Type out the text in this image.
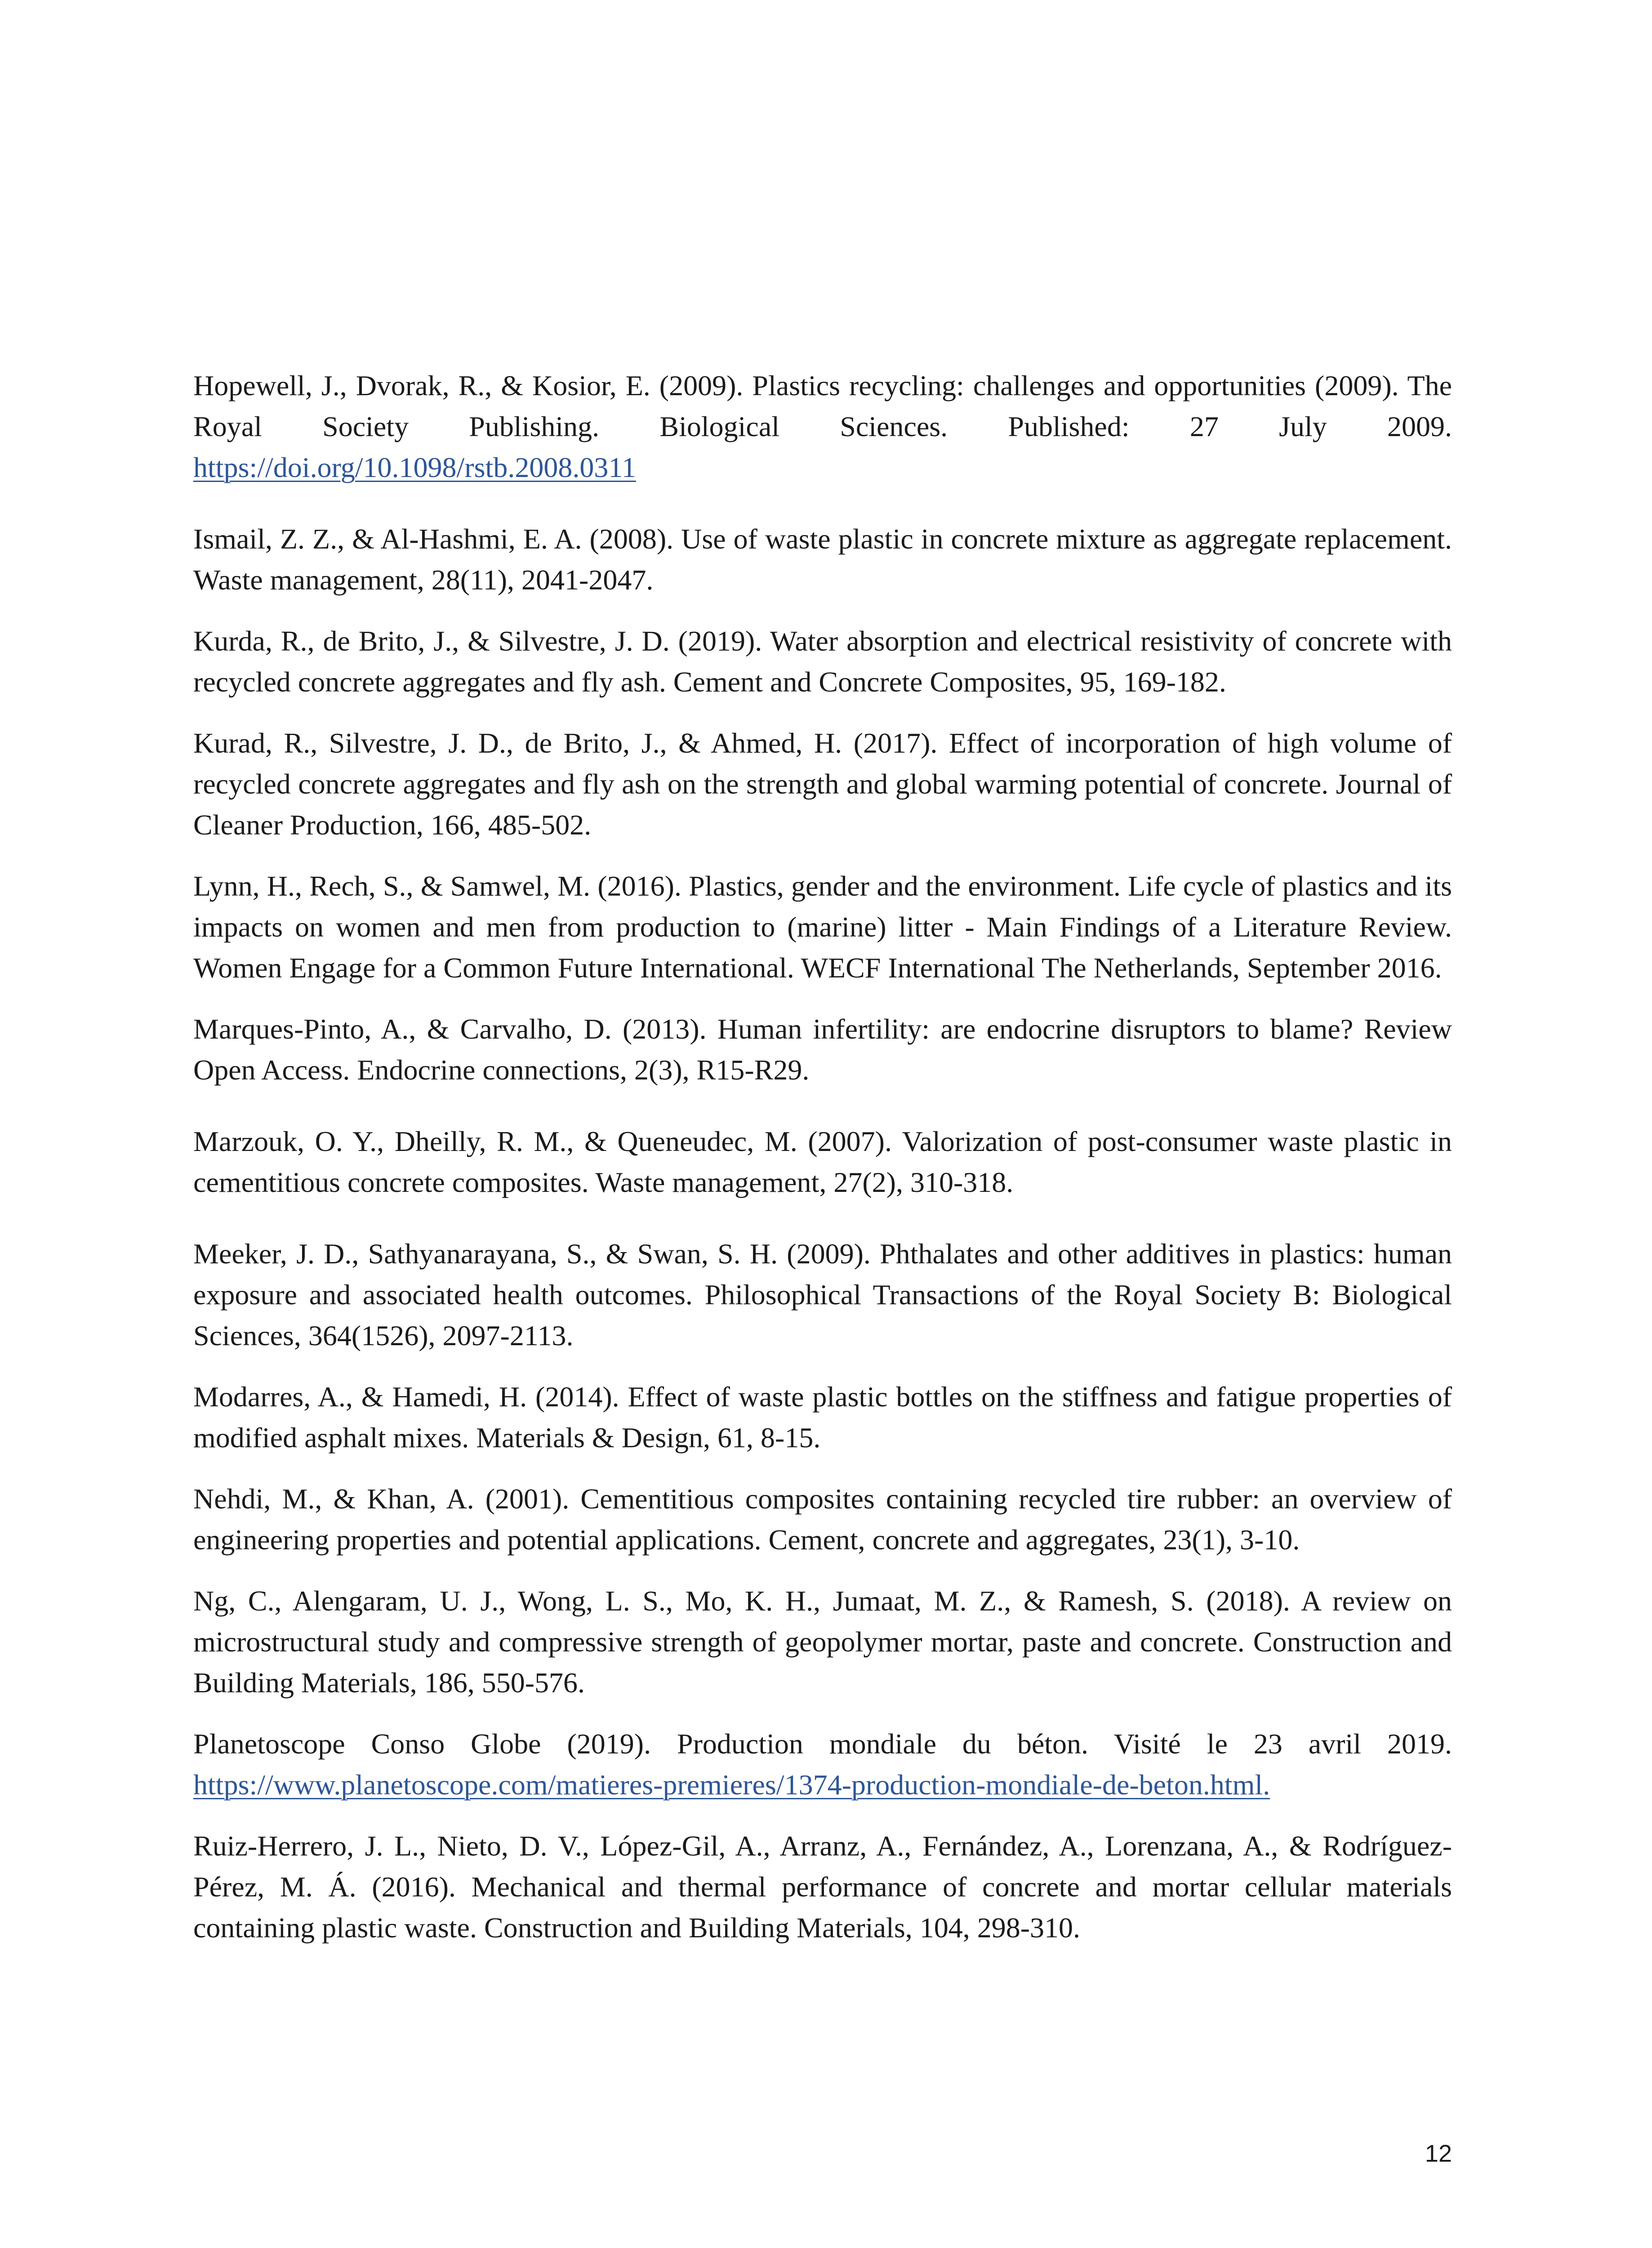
Hopewell, J., Dvorak, R., & Kosior, E. (2009). Plastics recycling: challenges and opportunities (2009). The Royal Society Publishing. Biological Sciences. Published: 27 July 2009. https://doi.org/10.1098/rstb.2008.0311

Ismail, Z. Z., & Al-Hashmi, E. A. (2008). Use of waste plastic in concrete mixture as aggregate replacement. Waste management, 28(11), 2041-2047.

Kurda, R., de Brito, J., & Silvestre, J. D. (2019). Water absorption and electrical resistivity of concrete with recycled concrete aggregates and fly ash. Cement and Concrete Composites, 95, 169-182.

Kurad, R., Silvestre, J. D., de Brito, J., & Ahmed, H. (2017). Effect of incorporation of high volume of recycled concrete aggregates and fly ash on the strength and global warming potential of concrete. Journal of Cleaner Production, 166, 485-502.

Lynn, H., Rech, S., & Samwel, M. (2016). Plastics, gender and the environment. Life cycle of plastics and its impacts on women and men from production to (marine) litter - Main Findings of a Literature Review. Women Engage for a Common Future International. WECF International The Netherlands, September 2016.

Marques-Pinto, A., & Carvalho, D. (2013). Human infertility: are endocrine disruptors to blame? Review Open Access. Endocrine connections, 2(3), R15-R29.

Marzouk, O. Y., Dheilly, R. M., & Queneudec, M. (2007). Valorization of post-consumer waste plastic in cementitious concrete composites. Waste management, 27(2), 310-318.

Meeker, J. D., Sathyanarayana, S., & Swan, S. H. (2009). Phthalates and other additives in plastics: human exposure and associated health outcomes. Philosophical Transactions of the Royal Society B: Biological Sciences, 364(1526), 2097-2113.

Modarres, A., & Hamedi, H. (2014). Effect of waste plastic bottles on the stiffness and fatigue properties of modified asphalt mixes. Materials & Design, 61, 8-15.

Nehdi, M., & Khan, A. (2001). Cementitious composites containing recycled tire rubber: an overview of engineering properties and potential applications. Cement, concrete and aggregates, 23(1), 3-10.

Ng, C., Alengaram, U. J., Wong, L. S., Mo, K. H., Jumaat, M. Z., & Ramesh, S. (2018). A review on microstructural study and compressive strength of geopolymer mortar, paste and concrete. Construction and Building Materials, 186, 550-576.

Planetoscope Conso Globe (2019). Production mondiale du béton. Visité le 23 avril 2019. https://www.planetoscope.com/matieres-premieres/1374-production-mondiale-de-beton.html.

Ruiz-Herrero, J. L., Nieto, D. V., López-Gil, A., Arranz, A., Fernández, A., Lorenzana, A., & Rodríguez-Pérez, M. Á. (2016). Mechanical and thermal performance of concrete and mortar cellular materials containing plastic waste. Construction and Building Materials, 104, 298-310.

12
